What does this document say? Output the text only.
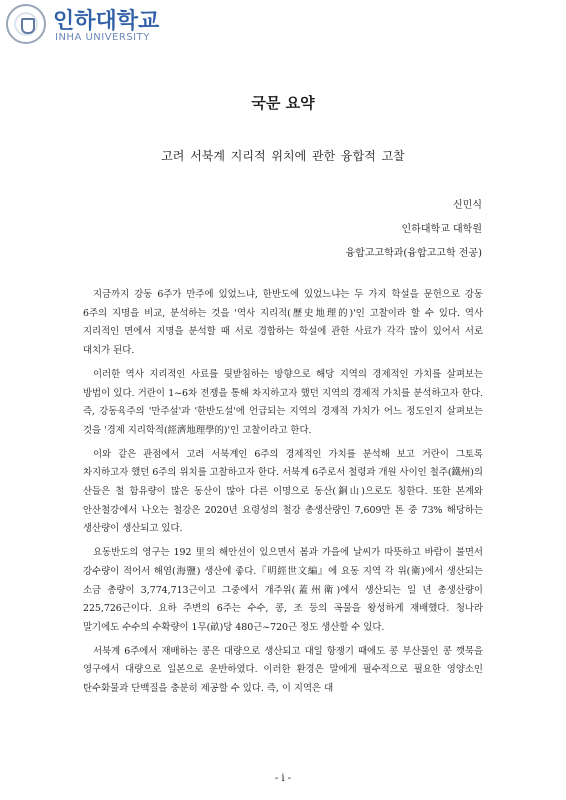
인하대학교
INHA UNIVERSITY
국문 요약
고려 서북계 지리적 위치에 관한 융합적 고찰
신민식
인하대학교 대학원
융합고고학과(융합고고학 전공)

지금까지 강동 6주가 만주에 있었느냐, 한반도에 있었느냐는 두 가지 학설을 문헌으로 강동 6주의 지명을 비교, 분석하는 것을 '역사 지리적(歷史地理的)'인 고찰이라 할 수 있다. 역사 지리적인 면에서 지명을 분석할 때 서로 경합하는 학설에 관한 사료가 각각 많이 있어서 서로 대치가 된다.

이러한 역사 지리적인 사료를 뒷받침하는 방향으로 해당 지역의 경제적인 가치를 살펴보는 방법이 있다. 거란이 1~6차 전쟁을 통해 차지하고자 했던 지역의 경제적 가치를 분석하고자 한다. 즉, 강동육주의 '만주설'과 '한반도설'에 언급되는 지역의 경제적 가치가 어느 정도인지 살펴보는 것을 '경제 지리학적(經濟地理學的)'인 고찰이라고 한다.

이와 같은 관점에서 고려 서북계인 6주의 경제적인 가치를 분석해 보고 거란이 그토록 차지하고자 했던 6주의 위치를 고찰하고자 한다. 서북계 6주로서 철령과 개원 사이인 철주(鐵州)의 산들은 철 함유량이 많은 동산이 많아 다른 이명으로 동산(銅山)으로도 칭한다. 또한 본계와 안산철강에서 나오는 철강은 2020년 요령성의 철강 총생산량인 7,609만 톤 중 73% 해당하는 생산량이 생산되고 있다.

요동반도의 영구는 192 里의 해안선이 있으면서 봄과 가을에 날씨가 따뜻하고 바람이 불면서 강수량이 적어서 해염(海鹽) 생산에 좋다.『明經世文編』에 요동 지역 각 위(衛)에서 생산되는 소금 총량이 3,774,713근이고 그중에서 개주위(蓋州衛)에서 생산되는 일 년 총생산량이 225,726근이다. 요하 주변의 6주는 수수, 콩, 조 등의 곡물을 왕성하게 재배했다. 청나라 말기에도 수수의 수확량이 1무(畝)당 480근~720근 정도 생산할 수 있다.

서북계 6주에서 재배하는 콩은 대량으로 생산되고 대일 항쟁기 때에도 콩 부산물인 콩 깻묵을 영구에서 대량으로 일본으로 운반하였다. 이러한 환경은 말에게 필수적으로 필요한 영양소인 탄수화물과 단백질을 충분히 제공할 수 있다. 즉, 이 지역은 대

- i -
